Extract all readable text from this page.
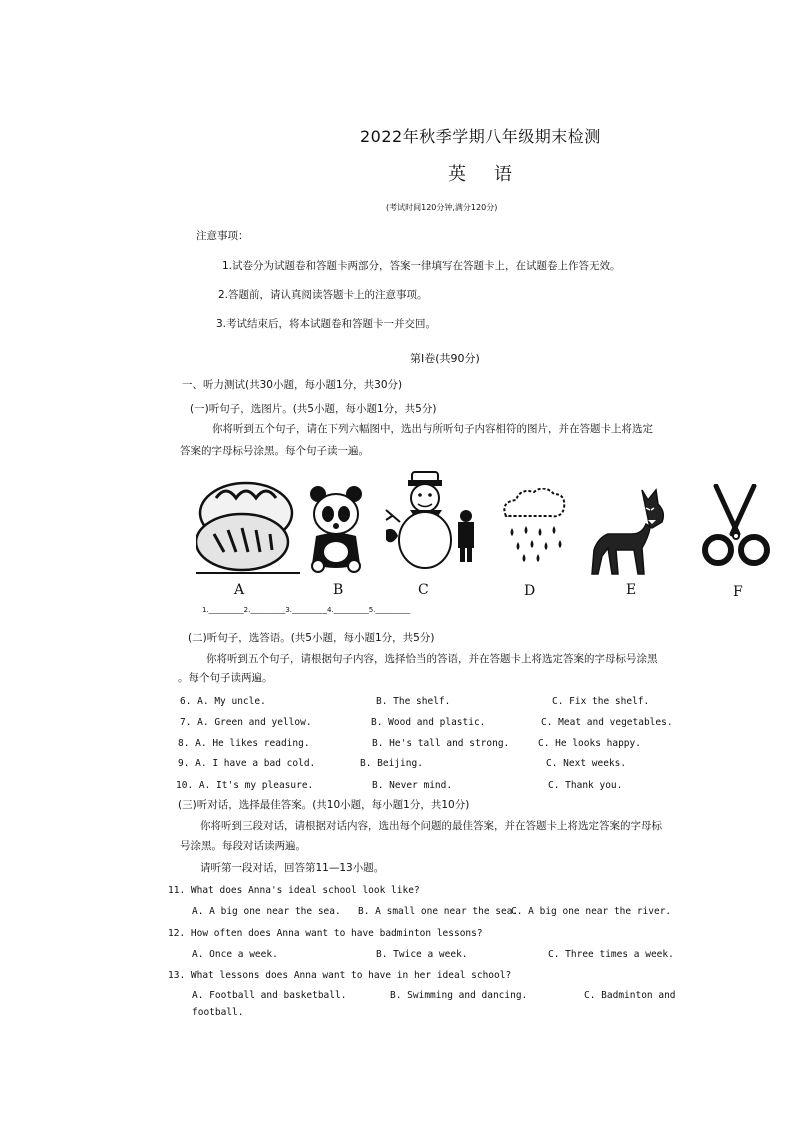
2022年秋季学期八年级期末检测
英语
(考试时间120分钟,满分120分)
注意事项：
1.试卷分为试题卷和答题卡两部分，答案一律填写在答题卡上，在试题卷上作答无效。
2.答题前，请认真阅读答题卡上的注意事项。
3.考试结束后，将本试题卷和答题卡一并交回。
第Ⅰ卷(共90分)
一、听力测试(共30小题，每小题1分，共30分)
(一)听句子，选图片。(共5小题，每小题1分，共5分)
你将听到五个句子，请在下列六幅图中，选出与所听句子内容相符的图片，并在答题卡上将选定
答案的字母标号涂黑。每个句子读一遍。
A	B	C	D	E	F
1.__________2.__________3.__________4.__________5.__________
(二)听句子，选答语。(共5小题，每小题1分，共5分)
你将听到五个句子，请根据句子内容，选择恰当的答语，并在答题卡上将选定答案的字母标号涂黑
。每个句子读两遍。
6. A. My uncle.	B. The shelf.	C. Fix the shelf.
7. A. Green and yellow.	B. Wood and plastic.	C. Meat and vegetables.
8. A. He likes reading.	B. He's tall and strong.	C. He looks happy.
9. A. I have a bad cold.	B. Beijing.	C. Next weeks.
10. A. It's my pleasure.	B. Never mind.	C. Thank you.
(三)听对话，选择最佳答案。(共10小题，每小题1分，共10分)
你将听到三段对话，请根据对话内容，选出每个问题的最佳答案，并在答题卡上将选定答案的字母标
号涂黑。每段对话读两遍。
请听第一段对话，回答第11—13小题。
11. What does Anna's ideal school look like?
A. A big one near the sea. B. A small one near the sea.
C. A big one near the river.
12. How often does Anna want to have badminton lessons?
A. Once a week.	B. Twice a week.	C. Three times a week.
13. What lessons does Anna want to have in her ideal school?
A. Football and basketball.	B. Swimming and dancing.	C. Badminton and
football.
